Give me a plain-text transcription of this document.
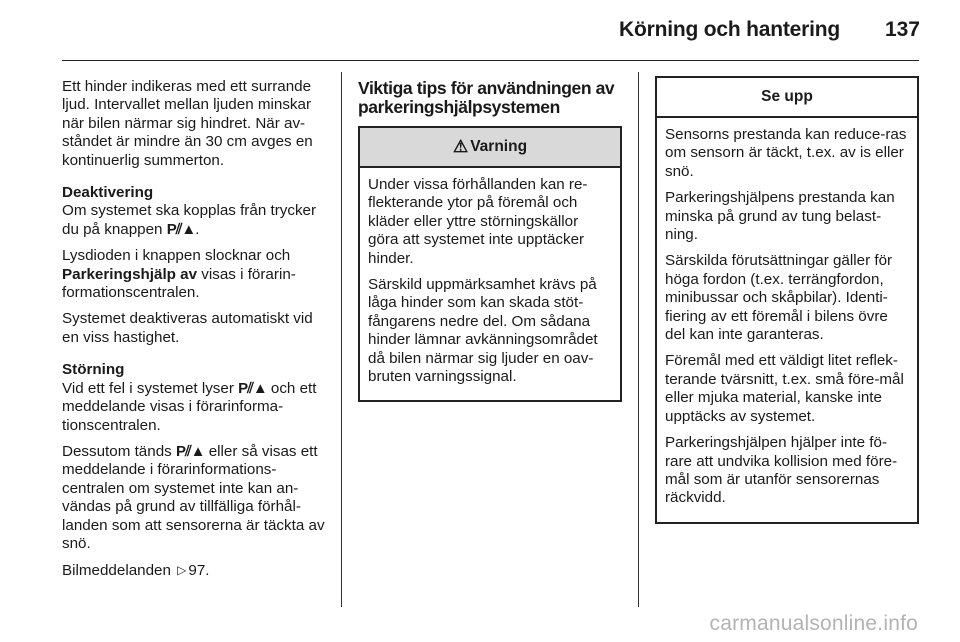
Körning och hantering 137

Ett hinder indikeras med ett surrande ljud. Intervallet mellan ljuden minskar när bilen närmar sig hindret. När av-ståndet är mindre än 30 cm avges en kontinuerlig summerton.

Deaktivering

Om systemet ska kopplas från trycker du på knappen P⫽▲.

Lysdioden i knappen slocknar och Parkeringshjälp av visas i förarin-formationscentralen.

Systemet deaktiveras automatiskt vid en viss hastighet.

Störning

Vid ett fel i systemet lyser P⫽▲ och ett meddelande visas i förarinforma-tionscentralen.

Dessutom tänds P⫽▲ eller så visas ett meddelande i förarinformations-centralen om systemet inte kan an-vändas på grund av tillfälliga förhål-landen som att sensorerna är täckta av snö.

Bilmeddelanden ▷ 97.

Viktiga tips för användningen av
parkeringshjälpsystemen
⚠ Varning

Under vissa förhållanden kan re-flekterande ytor på föremål och kläder eller yttre störningskällor göra att systemet inte upptäcker hinder.

Särskild uppmärksamhet krävs på låga hinder som kan skada stöt-fångarens nedre del. Om sådana hinder lämnar avkänningsområdet då bilen närmar sig ljuder en oav-bruten varningssignal.

Se upp

Sensorns prestanda kan reduce-ras om sensorn är täckt, t.ex. av is eller snö.

Parkeringshjälpens prestanda kan minska på grund av tung belast-ning.

Särskilda förutsättningar gäller för höga fordon (t.ex. terrängfordon, minibussar och skåpbilar). Identi-fiering av ett föremål i bilens övre del kan inte garanteras.

Föremål med ett väldigt litet reflek-terande tvärsnitt, t.ex. små före-mål eller mjuka material, kanske inte upptäcks av systemet.

Parkeringshjälpen hjälper inte fö-rare att undvika kollision med före-mål som är utanför sensorernas räckvidd.

carmanualsonline.info
